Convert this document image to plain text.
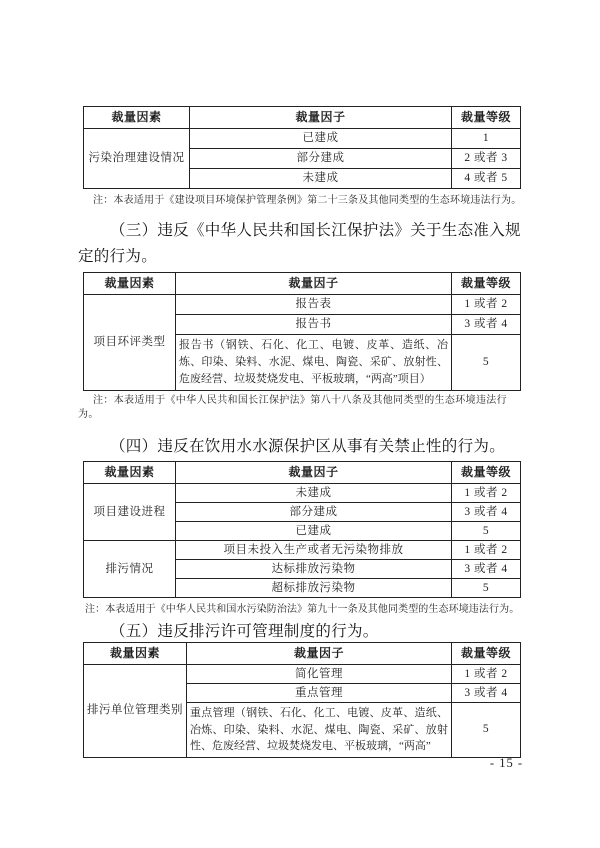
裁量因素	裁量因子	裁量等级
污染治理建设情况	已建成	1
	部分建成	2 或者 3
	未建成	4 或者 5
注：本表适用于《建设项目环境保护管理条例》第二十三条及其他同类型的生态环境违法行为。

（三）违反《中华人民共和国长江保护法》关于生态准入规定的行为。

裁量因素	裁量因子	裁量等级
项目环评类型	报告表	1 或者 2
	报告书	3 或者 4
	报告书（钢铁、石化、化工、电镀、皮革、造纸、冶炼、印染、染料、水泥、煤电、陶瓷、采矿、放射性、危废经营、垃圾焚烧发电、平板玻璃，“两高”项目）	5
注：本表适用于《中华人民共和国长江保护法》第八十八条及其他同类型的生态环境违法行为。

（四）违反在饮用水水源保护区从事有关禁止性的行为。

裁量因素	裁量因子	裁量等级
项目建设进程	未建成	1 或者 2
	部分建成	3 或者 4
	已建成	5
排污情况	项目未投入生产或者无污染物排放	1 或者 2
	达标排放污染物	3 或者 4
	超标排放污染物	5
注：本表适用于《中华人民共和国水污染防治法》第九十一条及其他同类型的生态环境违法行为。

（五）违反排污许可管理制度的行为。

裁量因素	裁量因子	裁量等级
排污单位管理类别	简化管理	1 或者 2
	重点管理	3 或者 4
	重点管理（钢铁、石化、化工、电镀、皮革、造纸、冶炼、印染、染料、水泥、煤电、陶瓷、采矿、放射性、危废经营、垃圾焚烧发电、平板玻璃，“两高”	5
- 15 -
